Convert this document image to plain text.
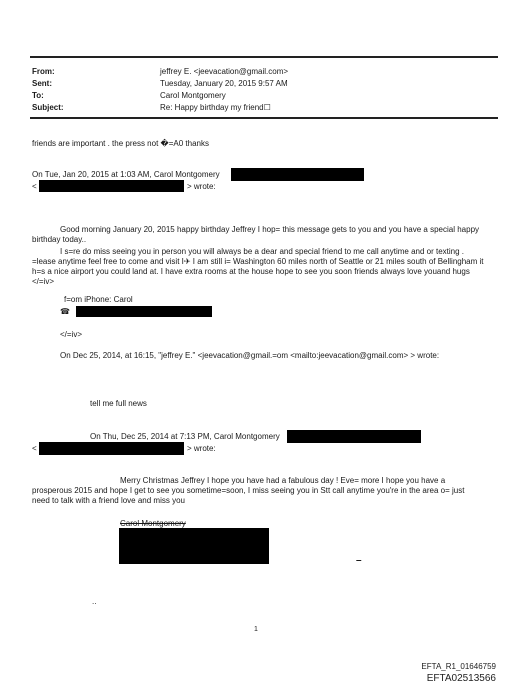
From:	jeffrey E. <jeevacation@gmail.com>
Sent:	Tuesday, January 20, 2015 9:57 AM
To:	Carol Montgomery
Subject:	Re: Happy birthday my friend☐
friends are important . the press not �=A0 thanks
On Tue, Jan 20, 2015 at 1:03 AM, Carol Montgomery
<	> wrote:
Good morning January 20, 2015 happy birthday Jeffrey I hop= this message gets to you and you have a special happy birthday today..
I s=re do miss seeing you in person you will always be a dear and special friend to me call anytime and or texting . =lease anytime feel free to come and visit I✈ I am still i= Washington 60 miles north of Seattle or 21 miles south of Bellingham it h=s a nice airport you could land at. I have extra rooms at the house hope to see you soon friends always love youand hugs </=iv>
f=om iPhone: Carol
☎
</=iv>
On Dec 25, 2014, at 16:15, "jeffrey E." <jeevacation@gmail.=om <mailto:jeevacation@gmail.com> > wrote:
tell me full news
On Thu, Dec 25, 2014 at 7:13 PM, Carol Montgomery
<	> wrote:
Merry Christmas Jeffrey I hope you have had a fabulous day ! Eve= more I hope you have a prosperous 2015 and hope I get to see you sometime=soon, I miss seeing you in Stt call anytime you're in the area o= just need to talk with a friend love and miss you
Carol Montgomery
–
..
1
EFTA_R1_01646759
EFTA02513566
